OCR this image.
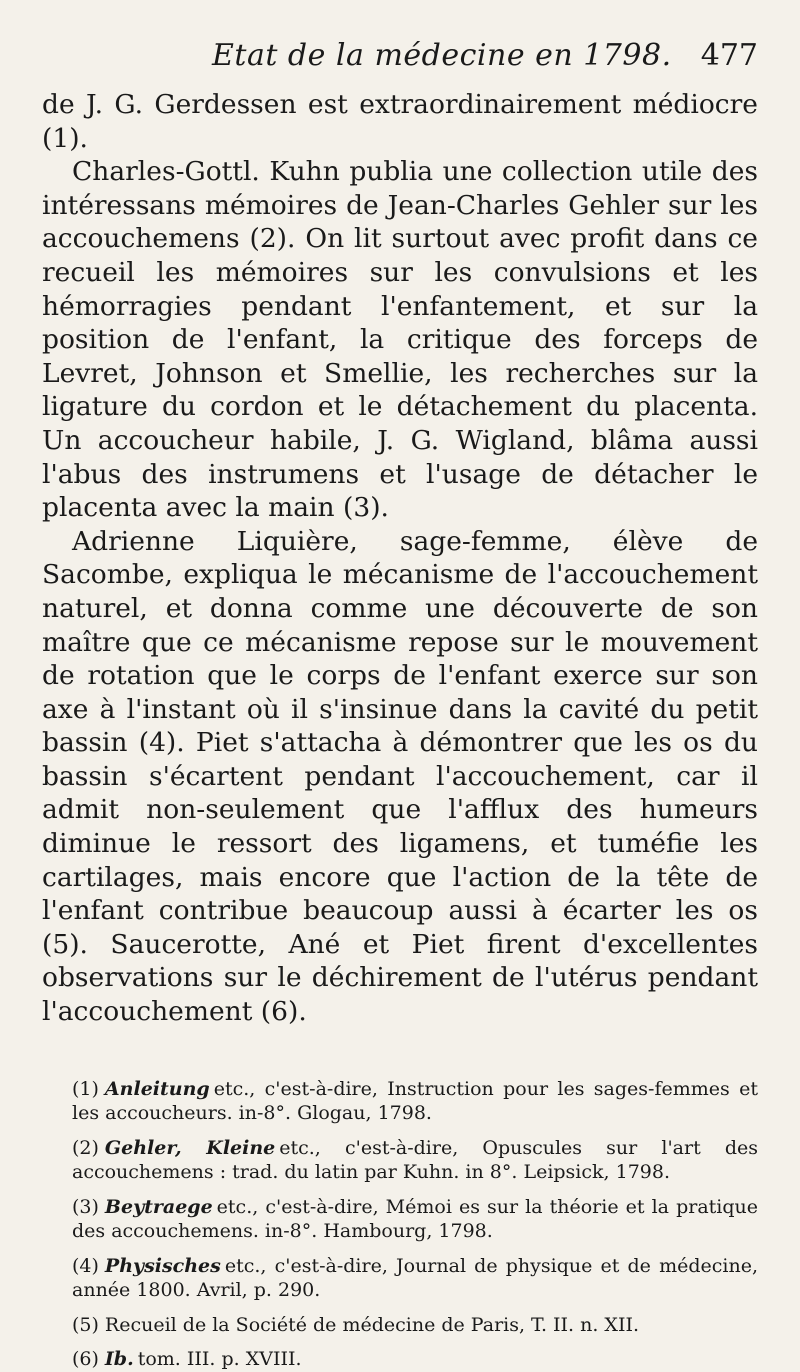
Etat de la médecine en 1798. 477

de J. G. Gerdessen est extraordinairement médiocre (1).

Charles-Gottl. Kuhn publia une collection utile des intéressans mémoires de Jean-Charles Gehler sur les accouchemens (2). On lit surtout avec profit dans ce recueil les mémoires sur les convulsions et les hémorragies pendant l'enfantement, et sur la position de l'enfant, la critique des forceps de Levret, Johnson et Smellie, les recherches sur la ligature du cordon et le détachement du placenta. Un accoucheur habile, J. G. Wigland, blâma aussi l'abus des instrumens et l'usage de détacher le placenta avec la main (3).

Adrienne Liquière, sage-femme, élève de Sacombe, expliqua le mécanisme de l'accouchement naturel, et donna comme une découverte de son maître que ce mécanisme repose sur le mouvement de rotation que le corps de l'enfant exerce sur son axe à l'instant où il s'insinue dans la cavité du petit bassin (4). Piet s'attacha à démontrer que les os du bassin s'écartent pendant l'accouchement, car il admit non-seulement que l'afflux des humeurs diminue le ressort des ligamens, et tuméfie les cartilages, mais encore que l'action de la tête de l'enfant contribue beaucoup aussi à écarter les os (5). Saucerotte, Ané et Piet firent d'excellentes observations sur le déchirement de l'utérus pendant l'accouchement (6).

(1) Anleitung etc., c'est-à-dire, Instruction pour les sages-femmes et les accoucheurs. in-8°. Glogau, 1798.
(2) Gehler, Kleine etc., c'est-à-dire, Opuscules sur l'art des accouchemens : trad. du latin par Kuhn. in 8°. Leipsick, 1798.
(3) Beytraege etc., c'est-à-dire, Mémoi es sur la théorie et la pratique des accouchemens. in-8°. Hambourg, 1798.
(4) Physisches etc., c'est-à-dire, Journal de physique et de médecine, année 1800. Avril, p. 290.
(5) Recueil de la Société de médecine de Paris, T. II. n. XII.
(6) Ib. tom. III. p. XVIII.
